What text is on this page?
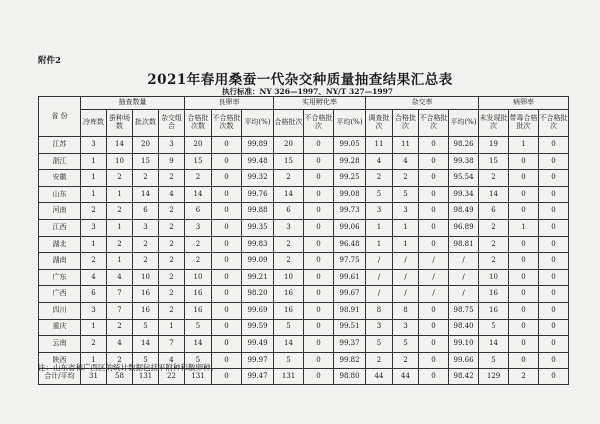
附件2
2021年春用桑蚕一代杂交种质量抽查结果汇总表
执行标准：NY 326—1997、NY/T 327—1997
省 份	抽查数量				良卵率			实用孵化率			杂交率				病卵率		
	冷库数	蚕种场数	批次数	杂交组合	合格批次数	不合格批次数	平均(%)	合格批次	不合格批次	平均(%)	调查批次	合格批次	不合格批次	平均(%)	未发现批次	带毒合格批次	不合格批次
江苏	3	14	20	3	20	0	99.89	20	0	99.05	11	11	0	98.26	19	1	0
浙江	1	10	15	9	15	0	99.48	15	0	99.28	4	4	0	99.38	15	0	0
安徽	1	2	2	2	2	0	99.32	2	0	99.25	2	2	0	95.54	2	0	0
山东	1	1	14	4	14	0	99.76	14	0	99.08	5	5	0	99.34	14	0	0
河南	2	2	6	2	6	0	99.88	6	0	99.73	3	3	0	98.49	6	0	0
江西	3	1	3	2	3	0	99.35	3	0	99.06	1	1	0	96.89	2	1	0
湖北	1	2	2	2	2	0	99.83	2	0	96.48	1	1	0	98.81	2	0	0
湖南	2	1	2	2	2	0	99.09	2	0	97.75	/	/	/	/	2	0	0
广东	4	4	10	2	10	0	99.21	10	0	99.61	/	/	/	/	10	0	0
广西	6	7	16	2	16	0	98.20	16	0	99.67	/	/	/	/	16	0	0
四川	3	7	16	2	16	0	99.69	16	0	98.91	8	8	0	98.75	16	0	0
重庆	1	2	5	1	5	0	99.59	5	0	99.51	3	3	0	98.40	5	0	0
云南	2	4	14	7	14	0	99.49	14	0	99.37	5	5	0	99.10	14	0	0
陕西	1	2	5	4	5	0	99.97	5	0	99.82	2	2	0	99.66	5	0	0
合计/平均	31	58	131	22	131	0	99.47	131	0	98.80	44	44	0	98.42	129	2	0
注：山东省和广西区的统计数据包括平附种和散卵种。
